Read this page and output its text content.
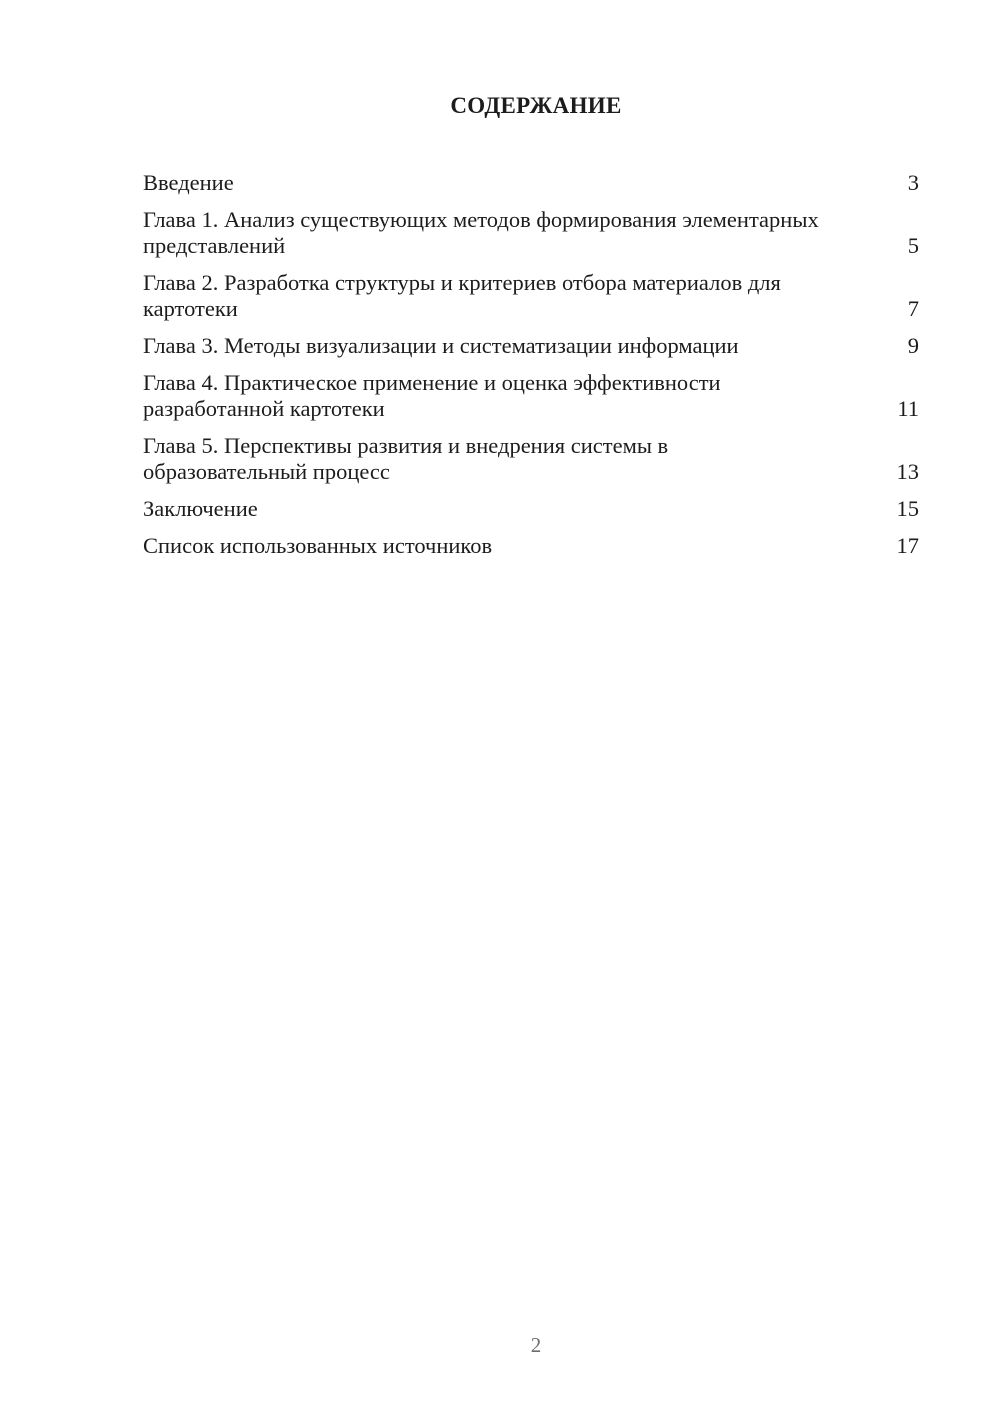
СОДЕРЖАНИЕ
Введение	3
Глава 1. Анализ существующих методов формирования элементарных представлений	5
Глава 2. Разработка структуры и критериев отбора материалов для картотеки	7
Глава 3. Методы визуализации и систематизации информации	9
Глава 4. Практическое применение и оценка эффективности разработанной картотеки	11
Глава 5. Перспективы развития и внедрения системы в образовательный процесс	13
Заключение	15
Список использованных источников	17
2
